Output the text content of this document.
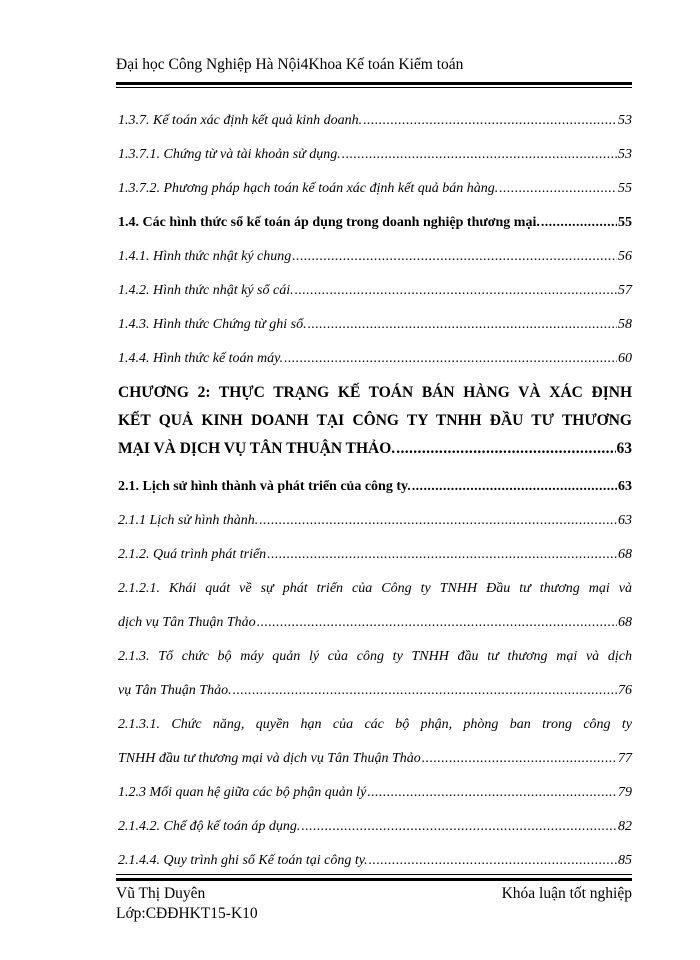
Đại học Công Nghiệp Hà Nội4Khoa Kế toán Kiểm toán
1.3.7. Kế toán xác định kết quả kinh doanh. .....	53
1.3.7.1. Chứng từ và tài khoản sử dụng. .....	53
1.3.7.2. Phương pháp hạch toán kế toán xác định kết quả bán hàng. .....	55
1.4. Các hình thức sổ kế toán áp dụng trong doanh nghiệp thương mại. .....	55
1.4.1. Hình thức nhật ký chung .....	56
1.4.2. Hình thức nhật ký sổ cái. .....	57
1.4.3. Hình thức Chứng từ ghi sổ. .....	58
1.4.4. Hình thức kế toán máy. .....	60
CHƯƠNG 2: THỰC TRẠNG KẾ TOÁN BÁN HÀNG VÀ XÁC ĐỊNH
KẾT QUẢ KINH DOANH TẠI CÔNG TY TNHH ĐẦU TƯ THƯƠNG
MẠI VÀ DỊCH VỤ TÂN THUẬN THẢO. .....	63
2.1. Lịch sử hình thành và phát triển của công ty. .....	63
2.1.1 Lịch sử hình thành. .....	63
2.1.2. Quá trình phát triển .....	68
2.1.2.1. Khái quát về sự phát triển của Công ty TNHH Đầu tư thương mại và
dịch vụ Tân Thuận Thảo .....	68
2.1.3. Tổ chức bộ máy quản lý của công ty TNHH đầu tư thương mại và dịch
vụ Tân Thuận Thảo. .....	76
2.1.3.1. Chức năng, quyền hạn của các bộ phận, phòng ban trong công ty
TNHH đầu tư thương mại và dịch vụ Tân Thuận Thảo .....	77
1.2.3 Mối quan hệ giữa các bộ phận quản lý .....	79
2.1.4.2. Chế độ kế toán áp dụng. .....	82
2.1.4.4. Quy trình ghi sổ Kế toán tại công ty. .....	85
Vũ Thị Duyên
Lớp:CĐĐHKT15-K10
Khóa luận tốt nghiệp
